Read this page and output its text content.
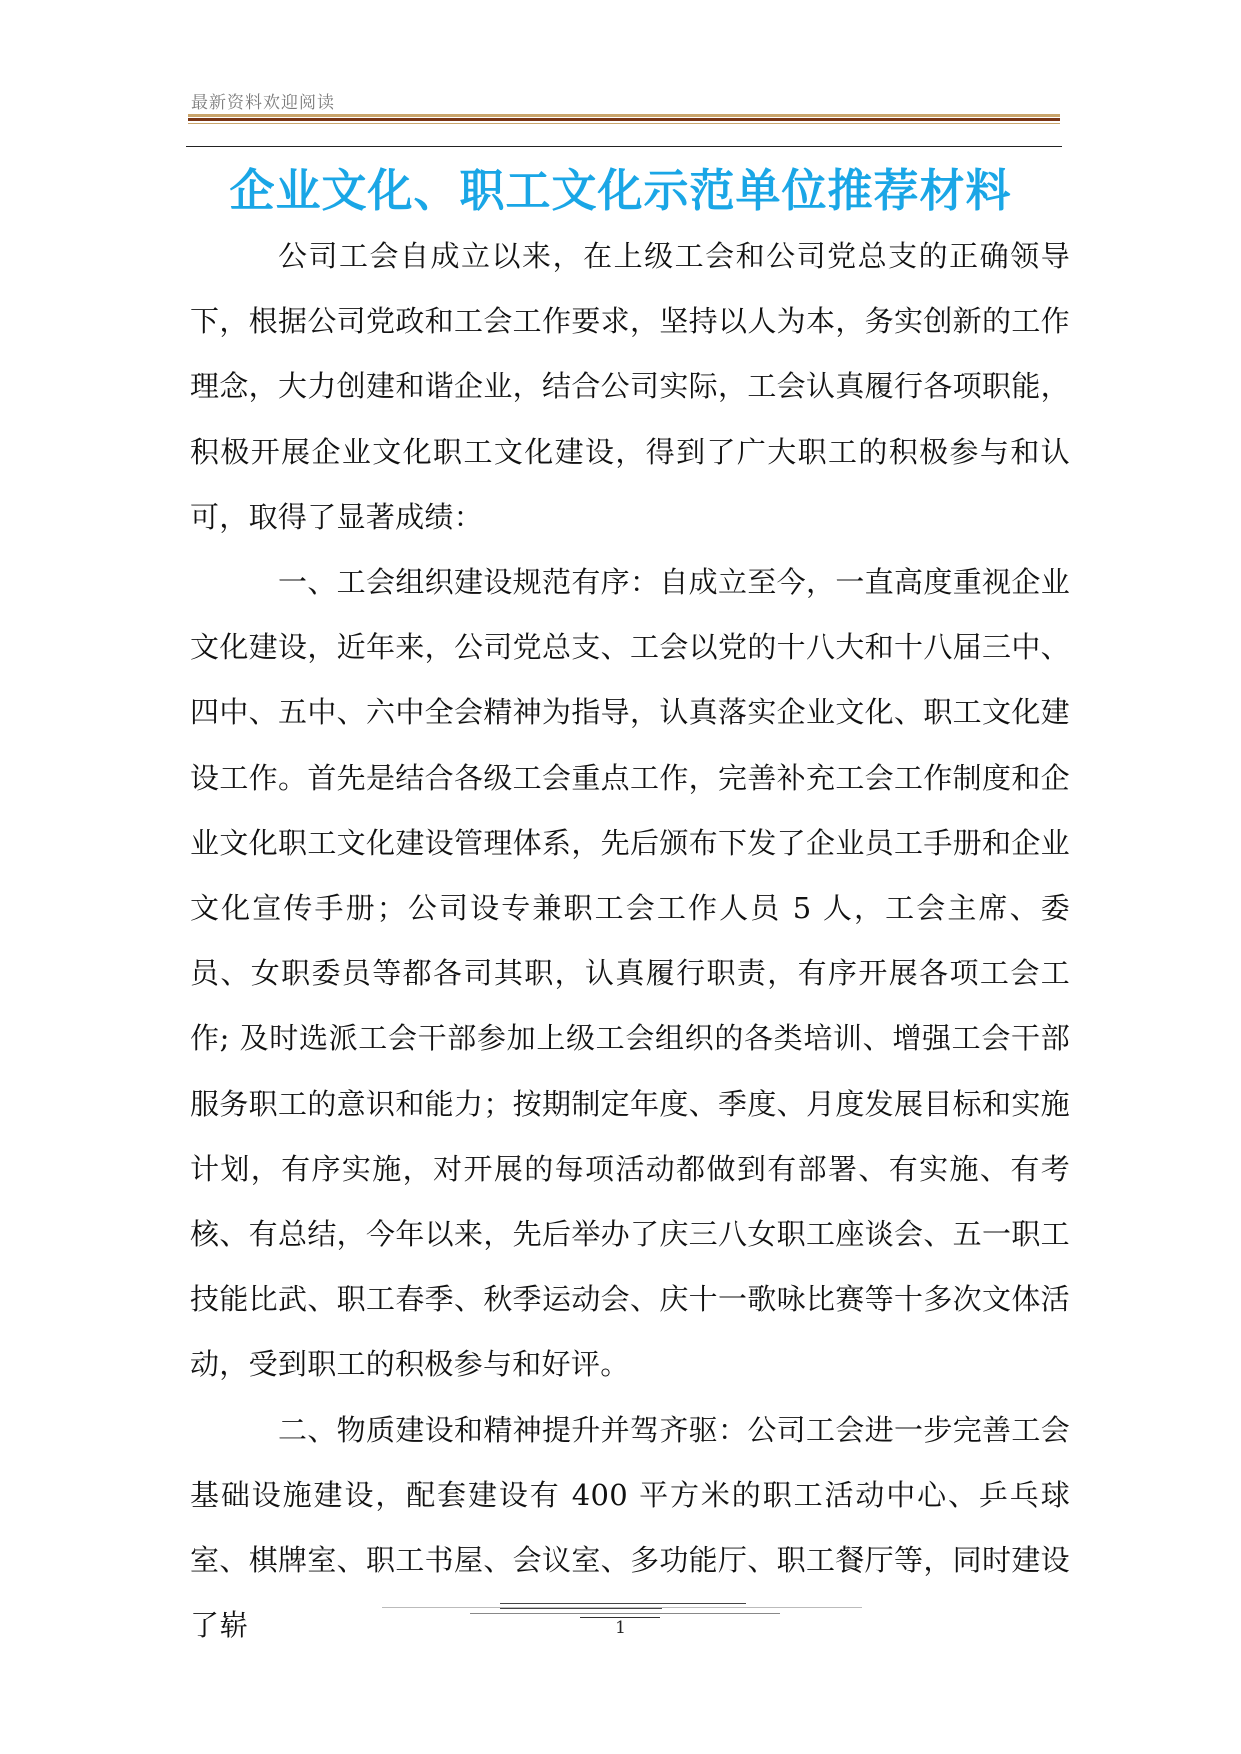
最新资料欢迎阅读
企业文化、职工文化示范单位推荐材料

公司工会自成立以来，在上级工会和公司党总支的正确领导下，根据公司党政和工会工作要求，坚持以人为本，务实创新的工作理念，大力创建和谐企业，结合公司实际，工会认真履行各项职能，积极开展企业文化职工文化建设，得到了广大职工的积极参与和认可，取得了显著成绩：

一、工会组织建设规范有序：自成立至今，一直高度重视企业文化建设，近年来，公司党总支、工会以党的十八大和十八届三中、四中、五中、六中全会精神为指导，认真落实企业文化、职工文化建设工作。首先是结合各级工会重点工作，完善补充工会工作制度和企业文化职工文化建设管理体系，先后颁布下发了企业员工手册和企业文化宣传手册；公司设专兼职工会工作人员 5 人，工会主席、委员、女职委员等都各司其职，认真履行职责，有序开展各项工会工作; 及时选派工会干部参加上级工会组织的各类培训、增强工会干部服务职工的意识和能力；按期制定年度、季度、月度发展目标和实施计划，有序实施，对开展的每项活动都做到有部署、有实施、有考核、有总结，今年以来，先后举办了庆三八女职工座谈会、五一职工技能比武、职工春季、秋季运动会、庆十一歌咏比赛等十多次文体活动，受到职工的积极参与和好评。

二、物质建设和精神提升并驾齐驱：公司工会进一步完善工会基础设施建设，配套建设有 400 平方米的职工活动中心、乒乓球室、棋牌室、职工书屋、会议室、多功能厅、职工餐厅等，同时建设了崭	1
